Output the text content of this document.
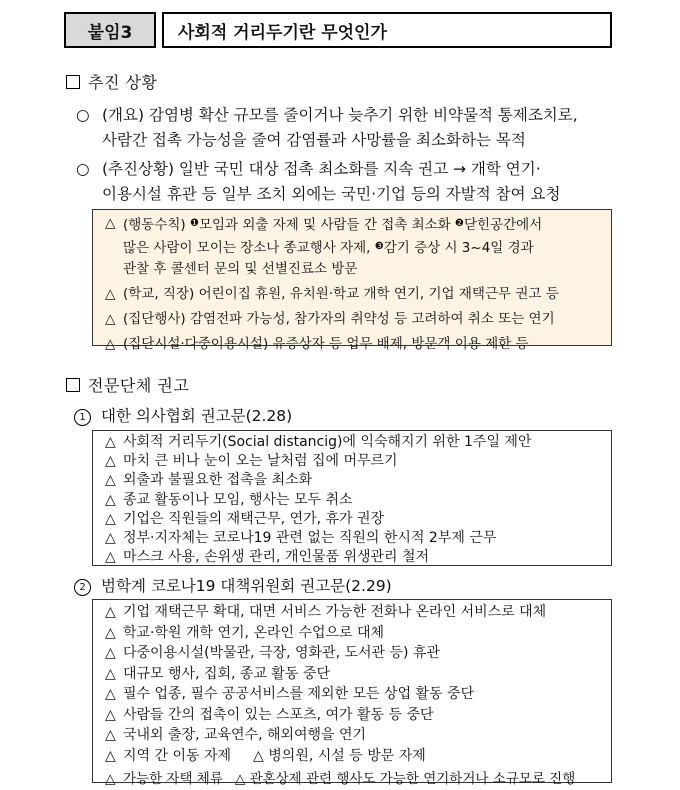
붙임3	사회적 거리두기란 무엇인가
추진 상황
○ (개요) 감염병 확산 규모를 줄이거나 늦추기 위한 비약물적 통제조치로,
사람간 접촉 가능성을 줄여 감염률과 사망률을 최소화하는 목적
○ (추진상황) 일반 국민 대상 접촉 최소화를 지속 권고 → 개학 연기·
이용시설 휴관 등 일부 조치 외에는 국민·기업 등의 자발적 참여 요청
△ (행동수칙) $^❶$모임과 외출 자제 및 사람들 간 접촉 최소화 $^❷$닫힌공간에서
많은 사람이 모이는 장소나 종교행사 자제, $^❸$감기 증상 시 3~4일 경과
관찰 후 콜센터 문의 및 선별진료소 방문
△ (학교, 직장) 어린이집 휴원, 유치원·학교 개학 연기, 기업 재택근무 권고 등
△ (집단행사) 감염전파 가능성, 참가자의 취약성 등 고려하여 취소 또는 연기
△ (집단시설·다중이용시설) 유증상자 등 업무 배제, 방문객 이용 제한 등
전문단체 권고
1 대한 의사협회 권고문(2.28)
△ 사회적 거리두기(Social distancig)에 익숙해지기 위한 1주일 제안
△ 마치 큰 비나 눈이 오는 날처럼 집에 머무르기
△ 외출과 불필요한 접촉을 최소화
△ 종교 활동이나 모임, 행사는 모두 취소
△ 기업은 직원들의 재택근무, 연가, 휴가 권장
△ 정부·지자체는 코로나19 관련 없는 직원의 한시적 2부제 근무
△ 마스크 사용, 손위생 관리, 개인물품 위생관리 철저
2 범학계 코로나19 대책위원회 권고문(2.29)
△ 기업 재택근무 확대, 대면 서비스 가능한 전화나 온라인 서비스로 대체
△ 학교·학원 개학 연기, 온라인 수업으로 대체
△ 다중이용시설(박물관, 극장, 영화관, 도서관 등) 휴관
△ 대규모 행사, 집회, 종교 활동 중단
△ 필수 업종, 필수 공공서비스를 제외한 모든 상업 활동 중단
△ 사람들 간의 접촉이 있는 스포츠, 여가 활동 등 중단
△ 국내외 출장, 교육연수, 해외여행을 연기
△ 지역 간 이동 자제 △ 병의원, 시설 등 방문 자제
△ 가능한 자택 체류 △ 관혼상제 관련 행사도 가능한 연기하거나 소규모로 진행
